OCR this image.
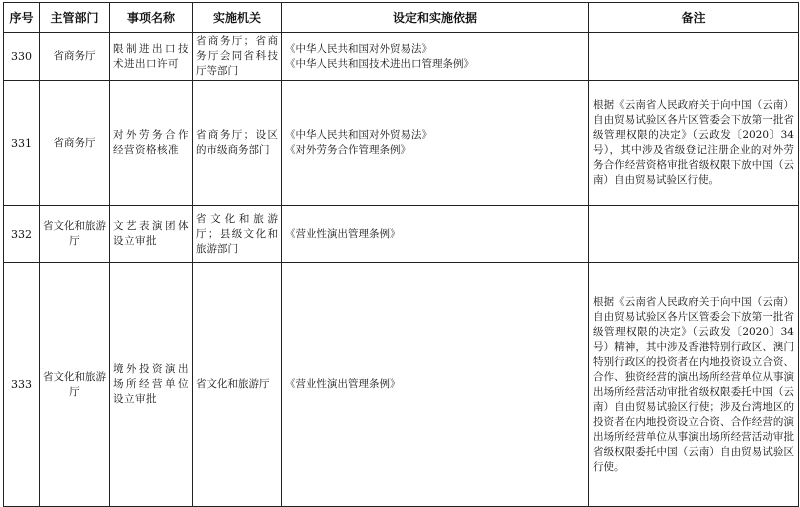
序号	主管部门	事项名称	实施机关	设定和实施依据	备注
330	省商务厅	限制进出口技术进出口许可	省商务厅；省商务厅会同省科技厅等部门	《中华人民共和国对外贸易法》
《中华人民共和国技术进出口管理条例》	

331	省商务厅	对外劳务合作经营资格核准	省商务厅；设区的市级商务部门	《中华人民共和国对外贸易法》
《对外劳务合作管理条例》	根据《云南省人民政府关于向中国（云南）自由贸易试验区各片区管委会下放第一批省级管理权限的决定》（云政发〔2020〕34号），其中涉及省级登记注册企业的对外劳务合作经营资格审批省级权限下放中国（云南）自由贸易试验区行使。
332	省文化和旅游厅	文艺表演团体设立审批	省文化和旅游厅；县级文化和旅游部门	《营业性演出管理条例》	

333	省文化和旅游厅	境外投资演出场所经营单位设立审批	省文化和旅游厅	《营业性演出管理条例》	根据《云南省人民政府关于向中国（云南）自由贸易试验区各片区管委会下放第一批省级管理权限的决定》（云政发〔2020〕34号）精神，其中涉及香港特别行政区、澳门特别行政区的投资者在内地投资设立合资、合作、独资经营的演出场所经营单位从事演出场所经营活动审批省级权限委托中国（云南）自由贸易试验区行使；涉及台湾地区的投资者在内地投资设立合资、合作经营的演出场所经营单位从事演出场所经营活动审批省级权限委托中国（云南）自由贸易试验区行使。
